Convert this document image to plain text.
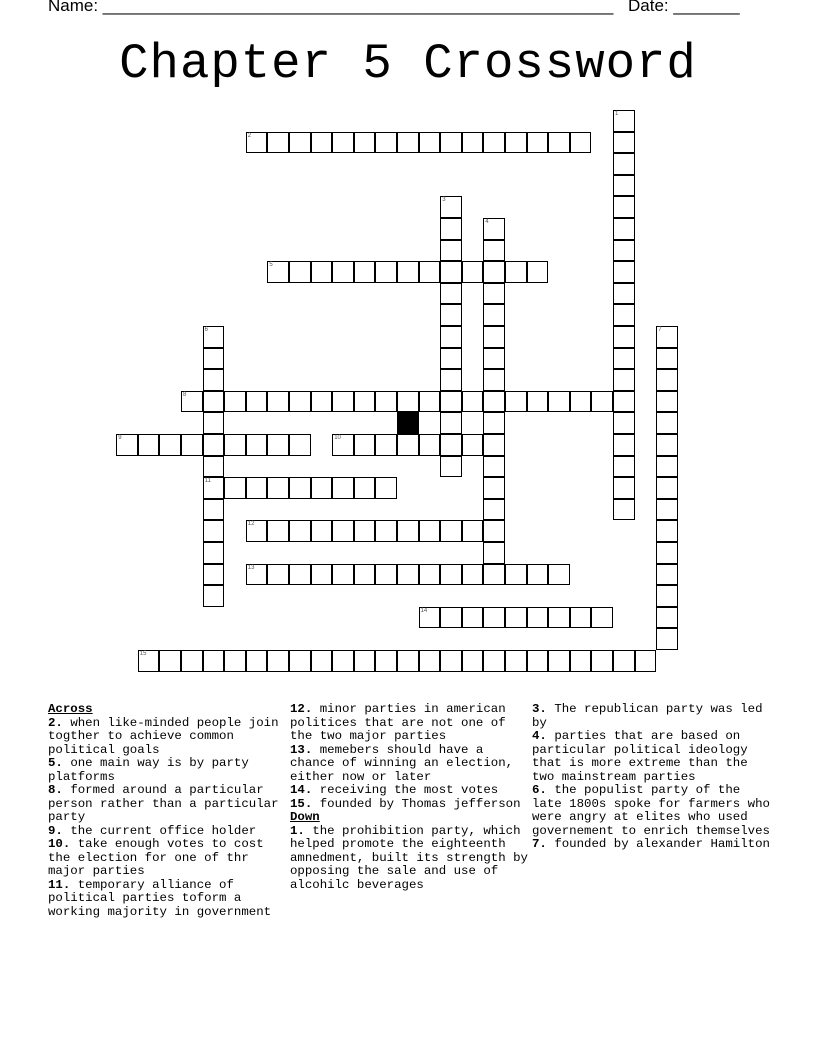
Name: ______________________________________________________ Date: _______
Chapter 5 Crossword
1
2
3
4
5
6
11
7
8
9	10
12
13
14
15
Across
2. when like-minded people join togther to achieve common political goals
5. one main way is by party platforms
8. formed around a particular person rather than a particular party
9. the current office holder
10. take enough votes to cost the election for one of thr major parties
11. temporary alliance of political parties toform a working majority in government
12. minor parties in american politices that are not one of the two major parties
13. memebers should have a chance of winning an election, either now or later
14. receiving the most votes
15. founded by Thomas jefferson
Down
1. the prohibition party, which helped promote the eighteenth amnedment, built its strength by opposing the sale and use of alcohilc beverages
3. The republican party was led by
4. parties that are based on particular political ideology that is more extreme than the two mainstream parties
6. the populist party of the late 1800s spoke for farmers who were angry at elites who used governement to enrich themselves
7. founded by alexander Hamilton
